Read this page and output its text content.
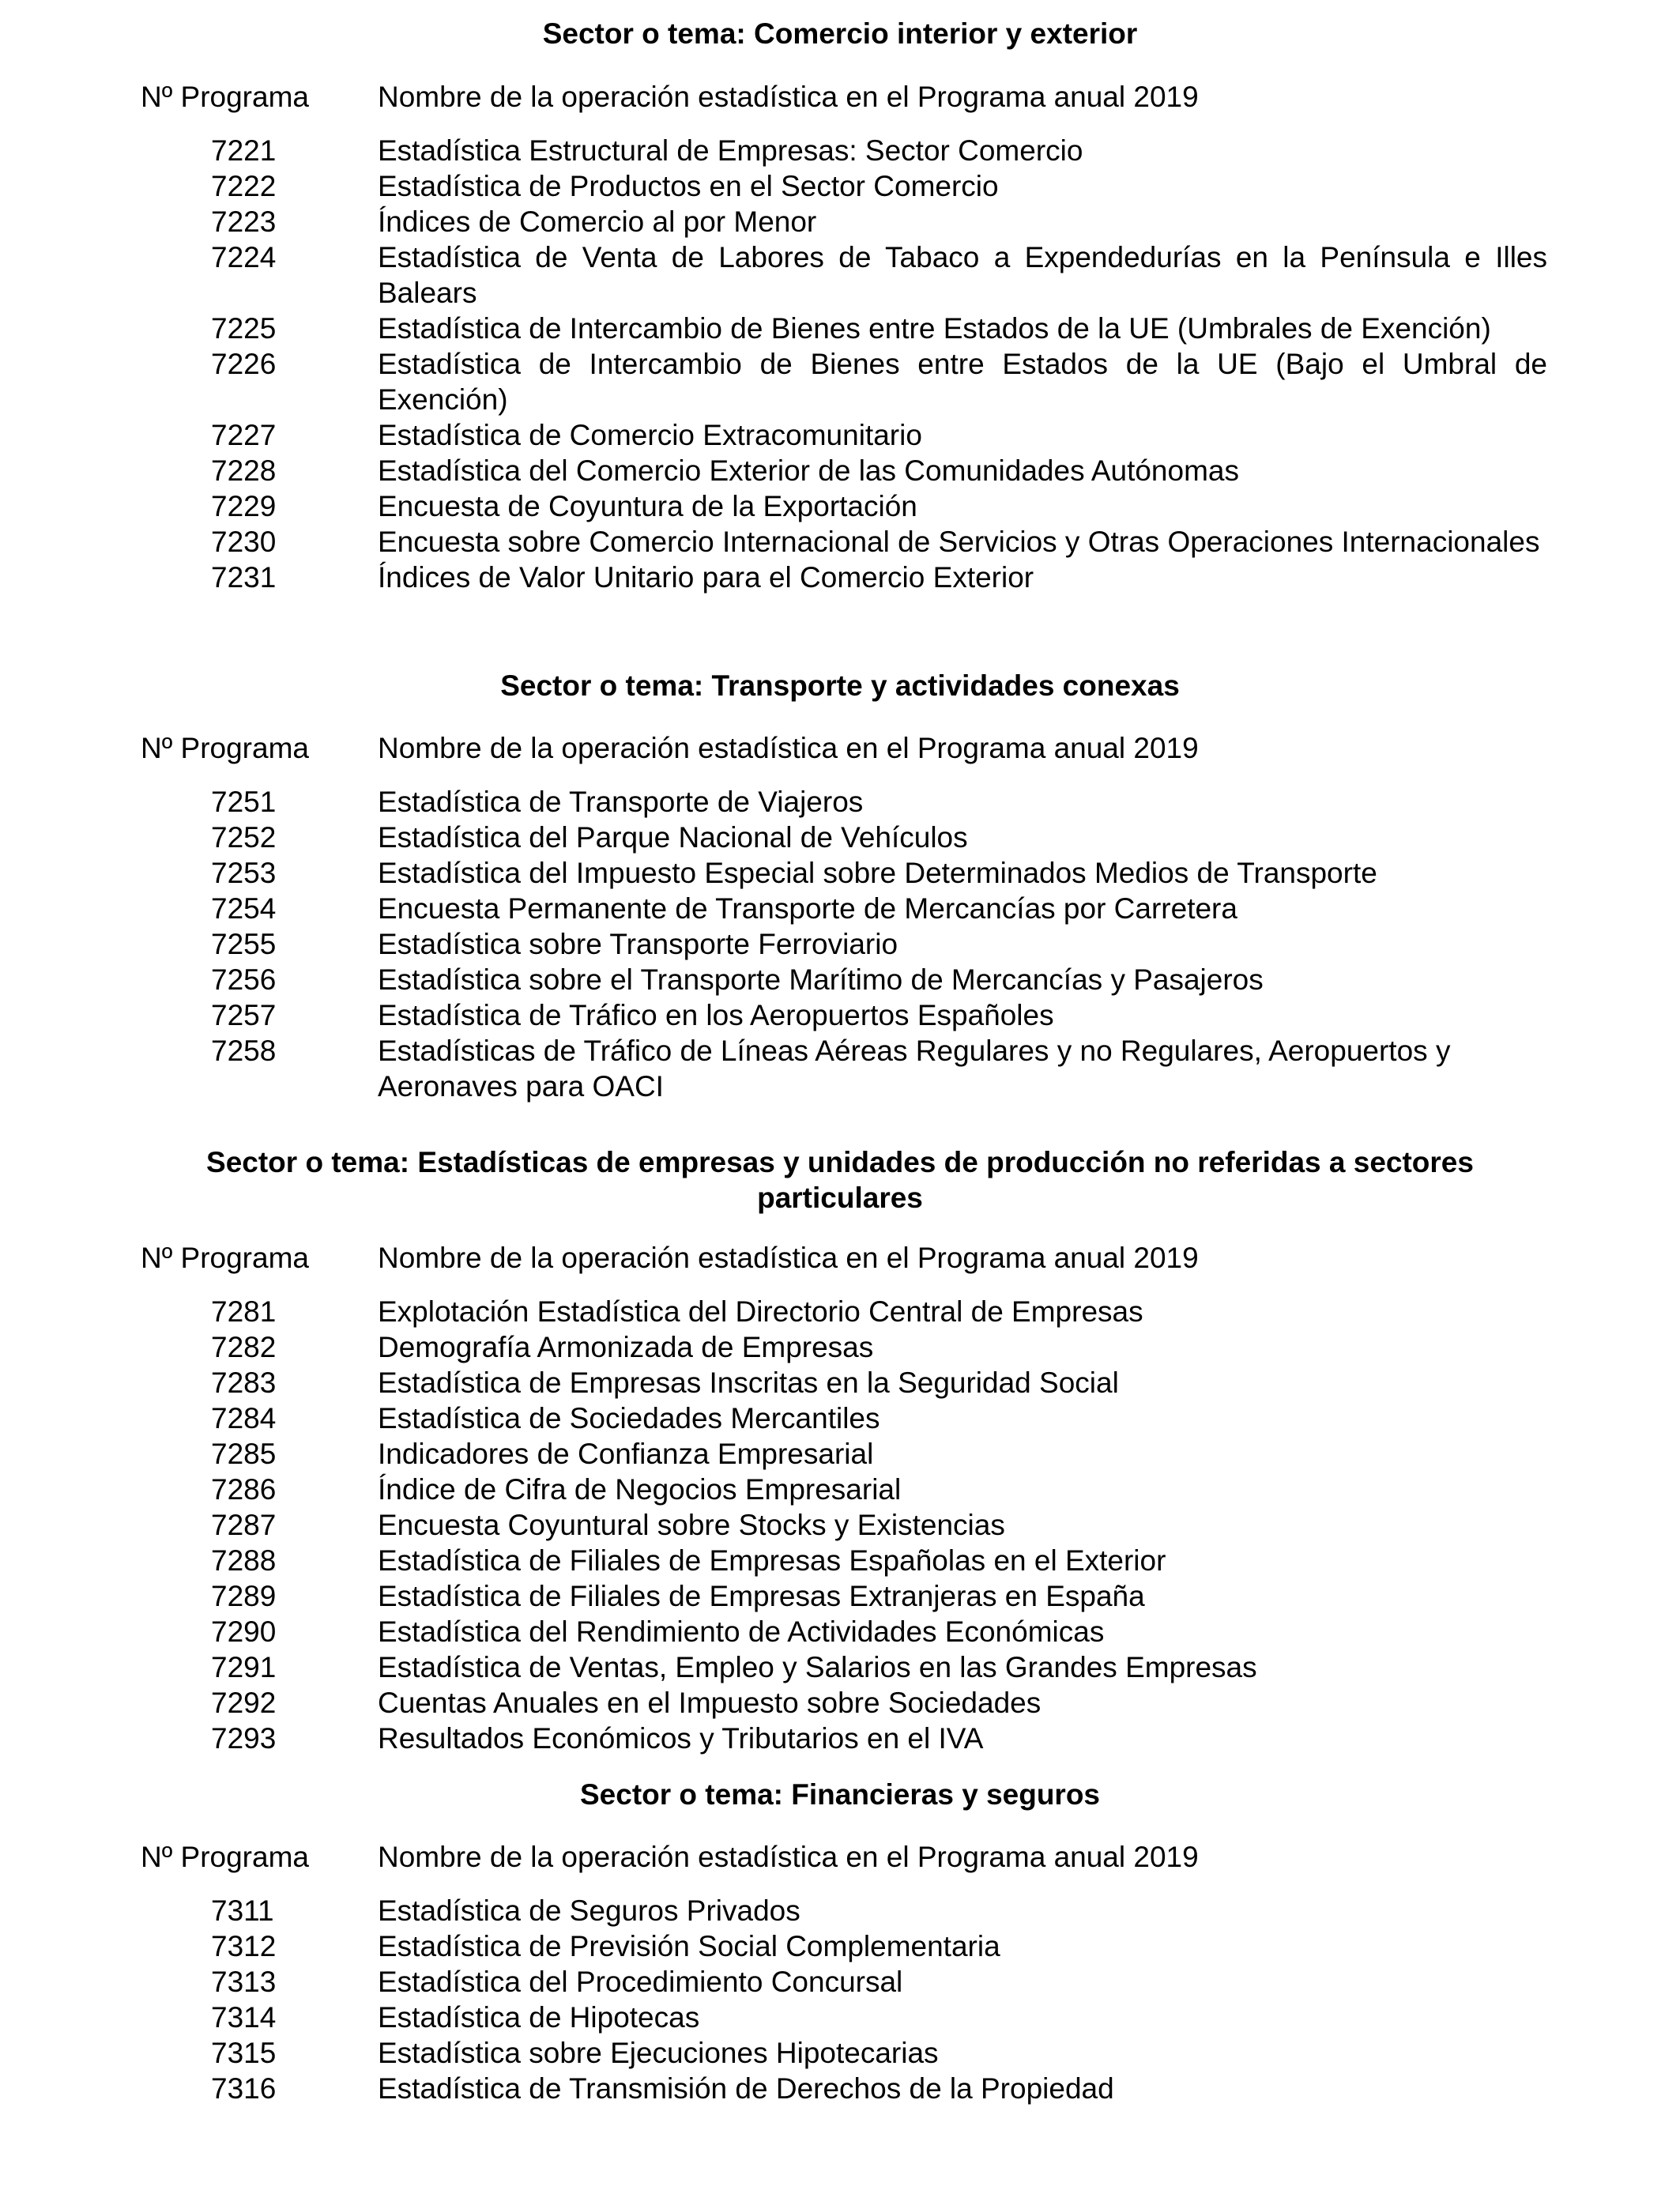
Sector o tema: Comercio interior y exterior
Nº Programa Nombre de la operación estadística en el Programa anual 2019
7221	Estadística Estructural de Empresas: Sector Comercio
7222	Estadística de Productos en el Sector Comercio
7223	Índices de Comercio al por Menor
7224	Estadística de Venta de Labores de Tabaco a Expendedurías en la Península e Illes Balears
7225	Estadística de Intercambio de Bienes entre Estados de la UE (Umbrales de Exención)
7226	Estadística de Intercambio de Bienes entre Estados de la UE (Bajo el Umbral de Exención)
7227	Estadística de Comercio Extracomunitario
7228	Estadística del Comercio Exterior de las Comunidades Autónomas
7229	Encuesta de Coyuntura de la Exportación
7230	Encuesta sobre Comercio Internacional de Servicios y Otras Operaciones Internacionales
7231	Índices de Valor Unitario para el Comercio Exterior
Sector o tema: Transporte y actividades conexas
Nº Programa Nombre de la operación estadística en el Programa anual 2019
7251	Estadística de Transporte de Viajeros
7252	Estadística del Parque Nacional de Vehículos
7253	Estadística del Impuesto Especial sobre Determinados Medios de Transporte
7254	Encuesta Permanente de Transporte de Mercancías por Carretera
7255	Estadística sobre Transporte Ferroviario
7256	Estadística sobre el Transporte Marítimo de Mercancías y Pasajeros
7257	Estadística de Tráfico en los Aeropuertos Españoles
7258	Estadísticas de Tráfico de Líneas Aéreas Regulares y no Regulares, Aeropuertos y Aeronaves para OACI
Sector o tema: Estadísticas de empresas y unidades de producción no referidas a sectores particulares
Nº Programa Nombre de la operación estadística en el Programa anual 2019
7281	Explotación Estadística del Directorio Central de Empresas
7282	Demografía Armonizada de Empresas
7283	Estadística de Empresas Inscritas en la Seguridad Social
7284	Estadística de Sociedades Mercantiles
7285	Indicadores de Confianza Empresarial
7286	Índice de Cifra de Negocios Empresarial
7287	Encuesta Coyuntural sobre Stocks y Existencias
7288	Estadística de Filiales de Empresas Españolas en el Exterior
7289	Estadística de Filiales de Empresas Extranjeras en España
7290	Estadística del Rendimiento de Actividades Económicas
7291	Estadística de Ventas, Empleo y Salarios en las Grandes Empresas
7292	Cuentas Anuales en el Impuesto sobre Sociedades
7293	Resultados Económicos y Tributarios en el IVA
Sector o tema: Financieras y seguros
Nº Programa Nombre de la operación estadística en el Programa anual 2019
7311	Estadística de Seguros Privados
7312	Estadística de Previsión Social Complementaria
7313	Estadística del Procedimiento Concursal
7314	Estadística de Hipotecas
7315	Estadística sobre Ejecuciones Hipotecarias
7316	Estadística de Transmisión de Derechos de la Propiedad
